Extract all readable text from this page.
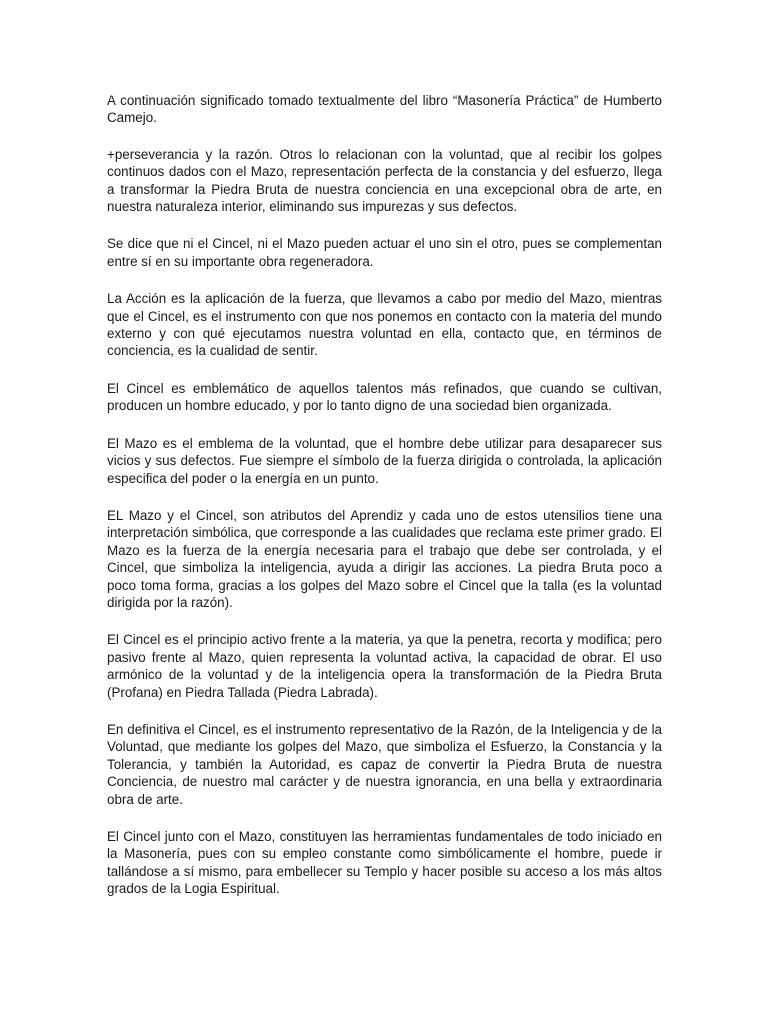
A continuación significado tomado textualmente del libro “Masonería Práctica” de Humberto Camejo.

+perseverancia y la razón. Otros lo relacionan con la voluntad, que al recibir los golpes continuos dados con el Mazo, representación perfecta de la constancia y del esfuerzo, llega a transformar la Piedra Bruta de nuestra conciencia en una excepcional obra de arte, en nuestra naturaleza interior, eliminando sus impurezas y sus defectos.

Se dice que ni el Cincel, ni el Mazo pueden actuar el uno sin el otro, pues se complementan entre sí en su importante obra regeneradora.

La Acción es la aplicación de la fuerza, que llevamos a cabo por medio del Mazo, mientras que el Cincel, es el instrumento con que nos ponemos en contacto con la materia del mundo externo y con qué ejecutamos nuestra voluntad en ella, contacto que, en términos de conciencia, es la cualidad de sentir.

El Cincel es emblemático de aquellos talentos más refinados, que cuando se cultivan, producen un hombre educado, y por lo tanto digno de una sociedad bien organizada.

El Mazo es el emblema de la voluntad, que el hombre debe utilizar para desaparecer sus vicios y sus defectos. Fue siempre el símbolo de la fuerza dirigida o controlada, la aplicación especifica del poder o la energía en un punto.

EL Mazo y el Cincel, son atributos del Aprendiz y cada uno de estos utensilios tiene una interpretación simbólica, que corresponde a las cualidades que reclama este primer grado. El Mazo es la fuerza de la energía necesaria para el trabajo que debe ser controlada, y el Cincel, que simboliza la inteligencia, ayuda a dirigir las acciones. La piedra Bruta poco a poco toma forma, gracias a los golpes del Mazo sobre el Cincel que la talla (es la voluntad dirigida por la razón).

El Cincel es el principio activo frente a la materia, ya que la penetra, recorta y modifica; pero pasivo frente al Mazo, quien representa la voluntad activa, la capacidad de obrar. El uso armónico de la voluntad y de la inteligencia opera la transformación de la Piedra Bruta (Profana) en Piedra Tallada (Piedra Labrada).

En definitiva el Cincel, es el instrumento representativo de la Razón, de la Inteligencia y de la Voluntad, que mediante los golpes del Mazo, que simboliza el Esfuerzo, la Constancia y la Tolerancia, y también la Autoridad, es capaz de convertir la Piedra Bruta de nuestra Conciencia, de nuestro mal carácter y de nuestra ignorancia, en una bella y extraordinaria obra de arte.

El Cincel junto con el Mazo, constituyen las herramientas fundamentales de todo iniciado en la Masonería, pues con su empleo constante como simbólicamente el hombre, puede ir tallándose a sí mismo, para embellecer su Templo y hacer posible su acceso a los más altos grados de la Logia Espiritual.
